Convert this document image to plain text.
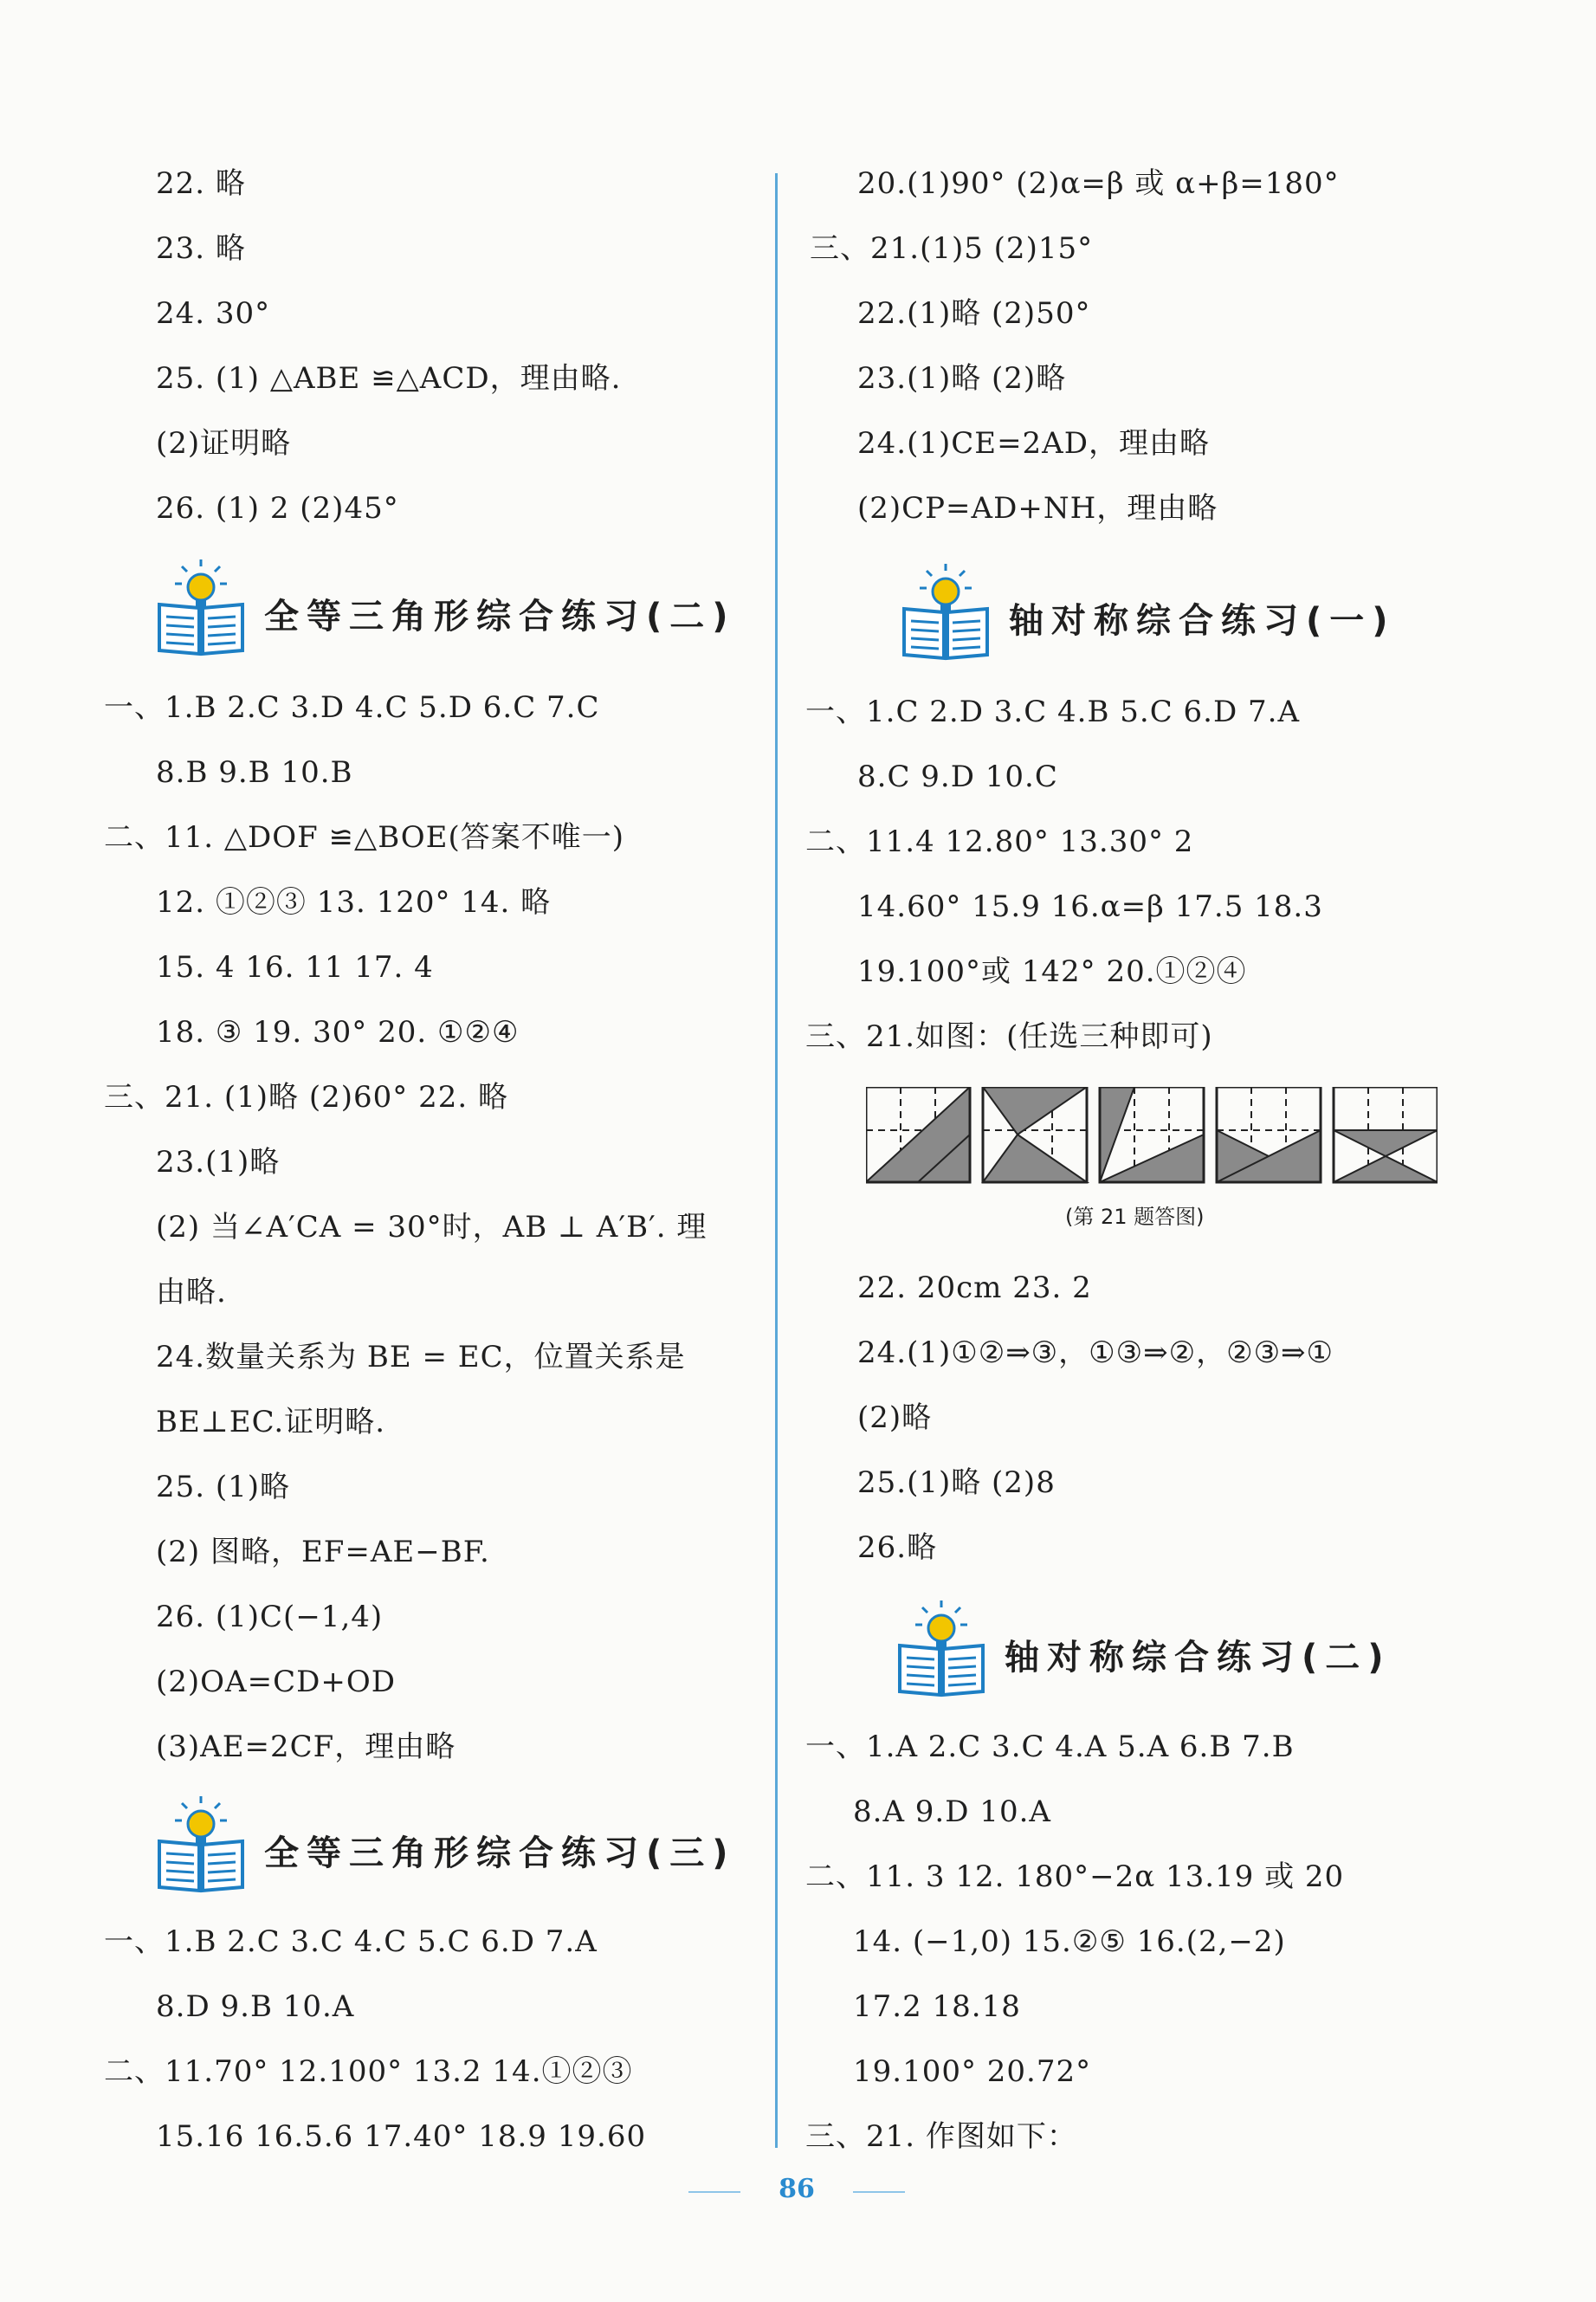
22. 略
23. 略
24. 30°
25. (1) △ABE ≌△ACD，理由略.
(2)证明略
26. (1) 2 (2)45°
全等三角形综合练习(二)
一、1.B 2.C 3.D 4.C 5.D 6.C 7.C
8.B 9.B 10.B
二、11. △DOF ≌△BOE(答案不唯一)
12. ①②③ 13. 120° 14. 略
15. 4 16. 11 17. 4
18. ③ 19. 30° 20. ①②④
三、21. (1)略 (2)60° 22. 略
23.(1)略
(2) 当∠A′CA = 30°时，AB ⊥ A′B′. 理
由略.
24.数量关系为 BE = EC，位置关系是
BE⊥EC.证明略.
25. (1)略
(2) 图略，EF=AE−BF.
26. (1)C(−1,4)
(2)OA=CD+OD
(3)AE=2CF，理由略
全等三角形综合练习(三)
一、1.B 2.C 3.C 4.C 5.C 6.D 7.A
8.D 9.B 10.A
二、11.70° 12.100° 13.2 14.①②③
15.16 16.5.6 17.40° 18.9 19.60
20.(1)90° (2)α=β 或 α+β=180°
三、21.(1)5 (2)15°
22.(1)略 (2)50°
23.(1)略 (2)略
24.(1)CE=2AD，理由略
(2)CP=AD+NH，理由略
轴对称综合练习(一)
一、1.C 2.D 3.C 4.B 5.C 6.D 7.A
8.C 9.D 10.C
二、11.4 12.80° 13.30° 2
14.60° 15.9 16.α=β 17.5 18.3
19.100°或 142° 20.①②④
三、21.如图：(任选三种即可)
(第 21 题答图)
22. 20cm 23. 2
24.(1)①②⇒③，①③⇒②，②③⇒①
(2)略
25.(1)略 (2)8
26.略
轴对称综合练习(二)
一、1.A 2.C 3.C 4.A 5.A 6.B 7.B
8.A 9.D 10.A
二、11. 3 12. 180°−2α 13.19 或 20
14. (−1,0) 15.②⑤ 16.(2,−2)
17.2 18.18
19.100° 20.72°
三、21. 作图如下：
86
